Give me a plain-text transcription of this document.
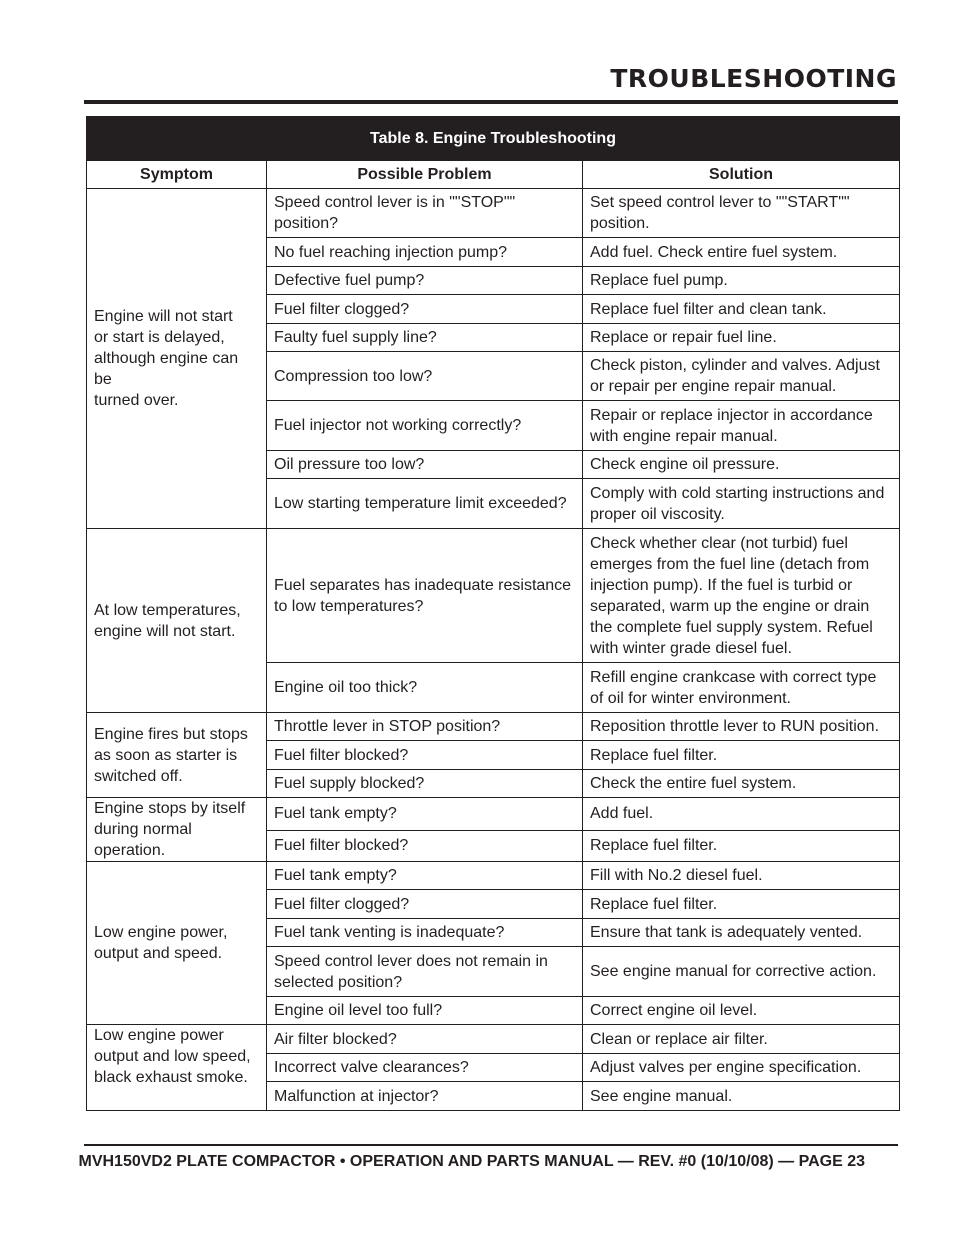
TROUBLESHOOTING
Table 8. Engine Troubleshooting		
Symptom	Possible Problem	Solution
Engine will not start
or start is delayed,
although engine can be
turned over.	Speed control lever is in ""STOP"" position?	Set speed control lever to ""START"" position.
	No fuel reaching injection pump?	Add fuel. Check entire fuel system.
	Defective fuel pump?	Replace fuel pump.
	Fuel filter clogged?	Replace fuel filter and clean tank.
	Faulty fuel supply line?	Replace or repair fuel line.
	Compression too low?	Check piston, cylinder and valves. Adjust or repair per engine repair manual.
	Fuel injector not working correctly?	Repair or replace injector in accordance with engine repair manual.
	Oil pressure too low?	Check engine oil pressure.
	Low starting temperature limit exceeded?	Comply with cold starting instructions and proper oil viscosity.
At low temperatures,
engine will not start.	Fuel separates has inadequate resistance to low temperatures?	Check whether clear (not turbid) fuel emerges from the fuel line (detach from injection pump). If the fuel is turbid or separated, warm up the engine or drain the complete fuel supply system. Refuel with winter grade diesel fuel.
	Engine oil too thick?	Refill engine crankcase with correct type of oil for winter environment.
Engine fires but stops
as soon as starter is
switched off.	Throttle lever in STOP position?	Reposition throttle lever to RUN position.
	Fuel filter blocked?	Replace fuel filter.
	Fuel supply blocked?	Check the entire fuel system.
Engine stops by itself
during normal operation.	Fuel tank empty?	Add fuel.
	Fuel filter blocked?	Replace fuel filter.
Low engine power,
output and speed.	Fuel tank empty?	Fill with No.2 diesel fuel.
	Fuel filter clogged?	Replace fuel filter.
	Fuel tank venting is inadequate?	Ensure that tank is adequately vented.
	Speed control lever does not remain in selected position?	See engine manual for corrective action.
	Engine oil level too full?	Correct engine oil level.
Low engine power
output and low speed,
black exhaust smoke.	Air filter blocked?	Clean or replace air filter.
	Incorrect valve clearances?	Adjust valves per engine specification.
	Malfunction at injector?	See engine manual.
MVH150VD2 PLATE COMPACTOR • OPERATION AND PARTS MANUAL — REV. #0 (10/10/08) — PAGE 23
